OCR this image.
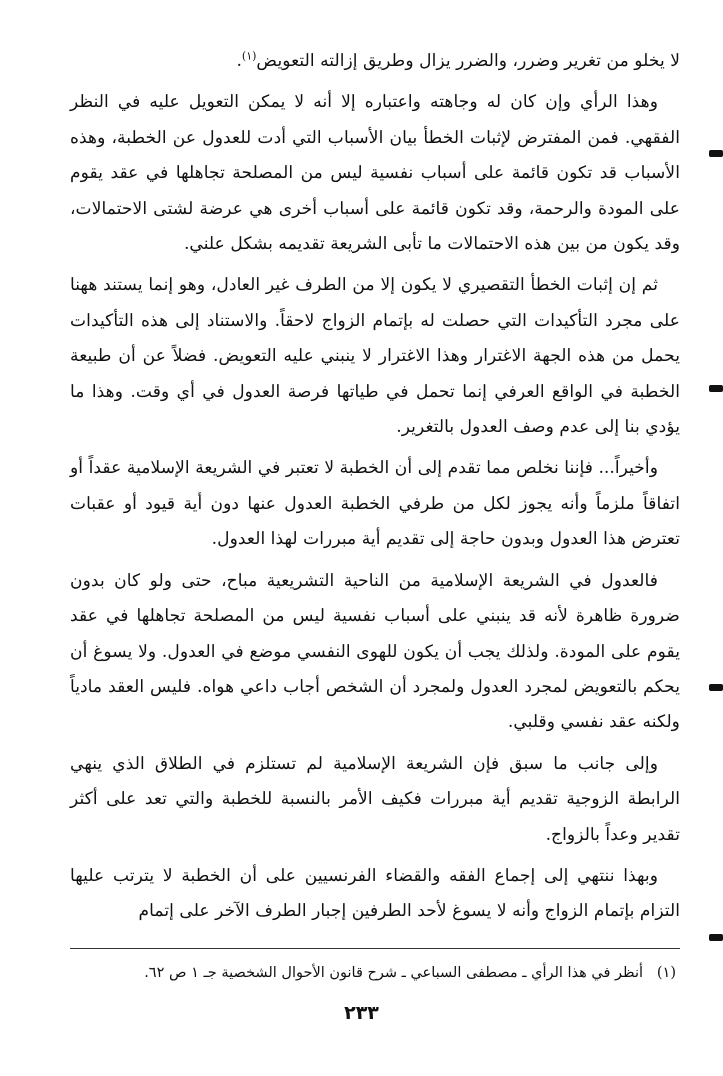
لا يخلو من تغرير وضرر، والضرر يزال وطريق إزالته التعويض$^{(١)}$.

وهذا الرأي وإن كان له وجاهته واعتباره إلا أنه لا يمكن التعويل عليه في النظر الفقهي. فمن المفترض لإثبات الخطأ بيان الأسباب التي أدت للعدول عن الخطبة، وهذه الأسباب قد تكون قائمة على أسباب نفسية ليس من المصلحة تجاهلها في عقد يقوم على المودة والرحمة، وقد تكون قائمة على أسباب أخرى هي عرضة لشتى الاحتمالات، وقد يكون من بين هذه الاحتمالات ما تأبى الشريعة تقديمه بشكل علني.

ثم إن إثبات الخطأ التقصيري لا يكون إلا من الطرف غير العادل، وهو إنما يستند ههنا على مجرد التأكيدات التي حصلت له بإتمام الزواج لاحقاً. والاستناد إلى هذه التأكيدات يحمل من هذه الجهة الاغترار وهذا الاغترار لا ينبني عليه التعويض. فضلاً عن أن طبيعة الخطبة في الواقع العرفي إنما تحمل في طياتها فرصة العدول في أي وقت. وهذا ما يؤدي بنا إلى عدم وصف العدول بالتغرير.

وأخيراً... فإننا نخلص مما تقدم إلى أن الخطبة لا تعتبر في الشريعة الإسلامية عقداً أو اتفاقاً ملزماً وأنه يجوز لكل من طرفي الخطبة العدول عنها دون أية قيود أو عقبات تعترض هذا العدول وبدون حاجة إلى تقديم أية مبررات لهذا العدول.

فالعدول في الشريعة الإسلامية من الناحية التشريعية مباح، حتى ولو كان بدون ضرورة ظاهرة لأنه قد ينبني على أسباب نفسية ليس من المصلحة تجاهلها في عقد يقوم على المودة. ولذلك يجب أن يكون للهوى النفسي موضع في العدول. ولا يسوغ أن يحكم بالتعويض لمجرد العدول ولمجرد أن الشخص أجاب داعي هواه. فليس العقد مادياً ولكنه عقد نفسي وقلبي.

وإلى جانب ما سبق فإن الشريعة الإسلامية لم تستلزم في الطلاق الذي ينهي الرابطة الزوجية تقديم أية مبررات فكيف الأمر بالنسبة للخطبة والتي تعد على أكثر تقدير وعداً بالزواج.

وبهذا ننتهي إلى إجماع الفقه والقضاء الفرنسيين على أن الخطبة لا يترتب عليها التزام بإتمام الزواج وأنه لا يسوغ لأحد الطرفين إجبار الطرف الآخر على إتمام

(١)   أنظر في هذا الرأي ـ مصطفى السباعي ـ شرح قانون الأحوال الشخصية جـ ١ ص ٦٢.
٢٣٣
